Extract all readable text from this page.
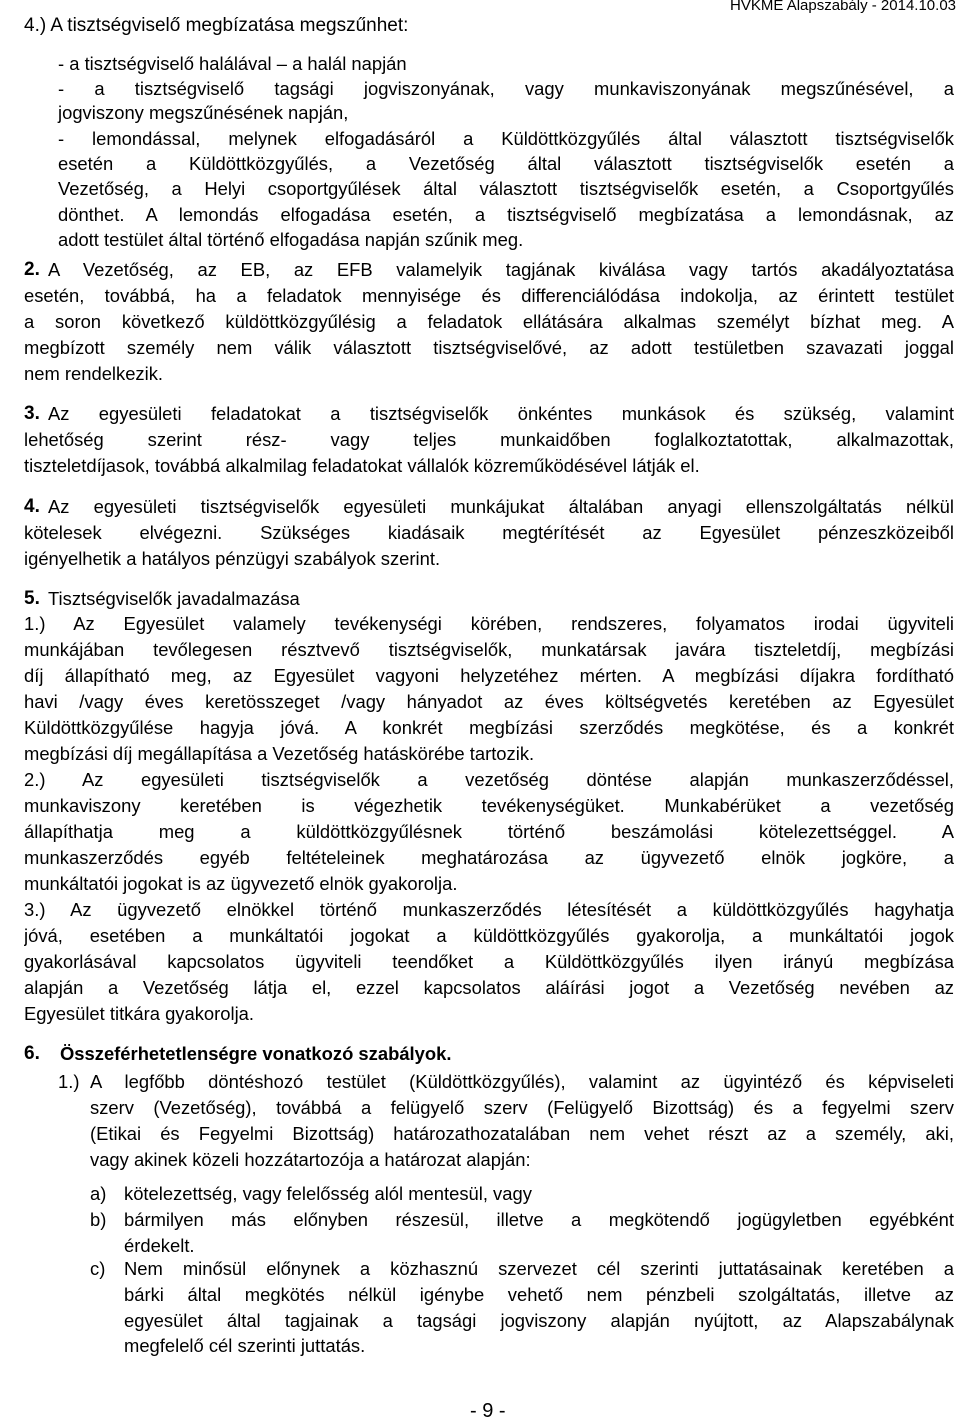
HVKME Alapszabály - 2014.10.03
4.) A tisztségviselő megbízatása megszűnhet:
- a tisztségviselő halálával – a halál napján
- a tisztségviselő tagsági jogviszonyának, vagy munkaviszonyának megszűnésével, a
jogviszony megszűnésének napján,
- lemondással, melynek elfogadásáról a Küldöttközgyűlés által választott tisztségviselők
esetén a Küldöttközgyűlés, a Vezetőség által választott tisztségviselők esetén a
Vezetőség, a Helyi csoportgyűlések által választott tisztségviselők esetén, a Csoportgyűlés
dönthet. A lemondás elfogadása esetén, a tisztségviselő megbízatása a lemondásnak, az
adott testület által történő elfogadása napján szűnik meg.
2. A Vezetőség, az EB, az EFB valamelyik tagjának kiválása vagy tartós akadályoztatása
esetén, továbbá, ha a feladatok mennyisége és differenciálódása indokolja, az érintett testület
a soron következő küldöttközgyűlésig a feladatok ellátására alkalmas személyt bízhat meg. A
megbízott személy nem válik választott tisztségviselővé, az adott testületben szavazati joggal
nem rendelkezik.
3. Az egyesületi feladatokat a tisztségviselők önkéntes munkások és szükség, valamint
lehetőség szerint rész- vagy teljes munkaidőben foglalkoztatottak, alkalmazottak,
tiszteletdíjasok, továbbá alkalmilag feladatokat vállalók közreműködésével látják el.
4. Az egyesületi tisztségviselők egyesületi munkájukat általában anyagi ellenszolgáltatás nélkül
kötelesek elvégezni. Szükséges kiadásaik megtérítését az Egyesület pénzeszközeiből
igényelhetik a hatályos pénzügyi szabályok szerint.
5. Tisztségviselők javadalmazása
1.) Az Egyesület valamely tevékenységi körében, rendszeres, folyamatos irodai ügyviteli
munkájában tevőlegesen résztvevő tisztségviselők, munkatársak javára tiszteletdíj, megbízási
díj állapítható meg, az Egyesület vagyoni helyzetéhez mérten. A megbízási díjakra fordítható
havi /vagy éves keretösszeget /vagy hányadot az éves költségvetés keretében az Egyesület
Küldöttközgyűlése hagyja jóvá. A konkrét megbízási szerződés megkötése, és a konkrét
megbízási díj megállapítása a Vezetőség hatáskörébe tartozik.
2.) Az egyesületi tisztségviselők a vezetőség döntése alapján munkaszerződéssel,
munkaviszony keretében is végezhetik tevékenységüket. Munkabérüket a vezetőség
állapíthatja meg a küldöttközgyűlésnek történő beszámolási kötelezettséggel. A
munkaszerződés egyéb feltételeinek meghatározása az ügyvezető elnök jogköre, a
munkáltatói jogokat is az ügyvezető elnök gyakorolja.
3.) Az ügyvezető elnökkel történő munkaszerződés létesítését a küldöttközgyűlés hagyhatja
jóvá, esetében a munkáltatói jogokat a küldöttközgyűlés gyakorolja, a munkáltatói jogok
gyakorlásával kapcsolatos ügyviteli teendőket a Küldöttközgyűlés ilyen irányú megbízása
alapján a Vezetőség látja el, ezzel kapcsolatos aláírási jogot a Vezetőség nevében az
Egyesület titkára gyakorolja.
6. Összeférhetetlenségre vonatkozó szabályok.
1.) A legfőbb döntéshozó testület (Küldöttközgyűlés), valamint az ügyintéző és képviseleti
szerv (Vezetőség), továbbá a felügyelő szerv (Felügyelő Bizottság) és a fegyelmi szerv
(Etikai és Fegyelmi Bizottság) határozathozatalában nem vehet részt az a személy, aki,
vagy akinek közeli hozzátartozója a határozat alapján:
a) kötelezettség, vagy felelősség alól mentesül, vagy
b) bármilyen más előnyben részesül, illetve a megkötendő jogügyletben egyébként
érdekelt.
c) Nem minősül előnynek a közhasznú szervezet cél szerinti juttatásainak keretében a
bárki által megkötés nélkül igénybe vehető nem pénzbeli szolgáltatás, illetve az
egyesület által tagjainak a tagsági jogviszony alapján nyújtott, az Alapszabálynak
megfelelő cél szerinti juttatás.
- 9 -
